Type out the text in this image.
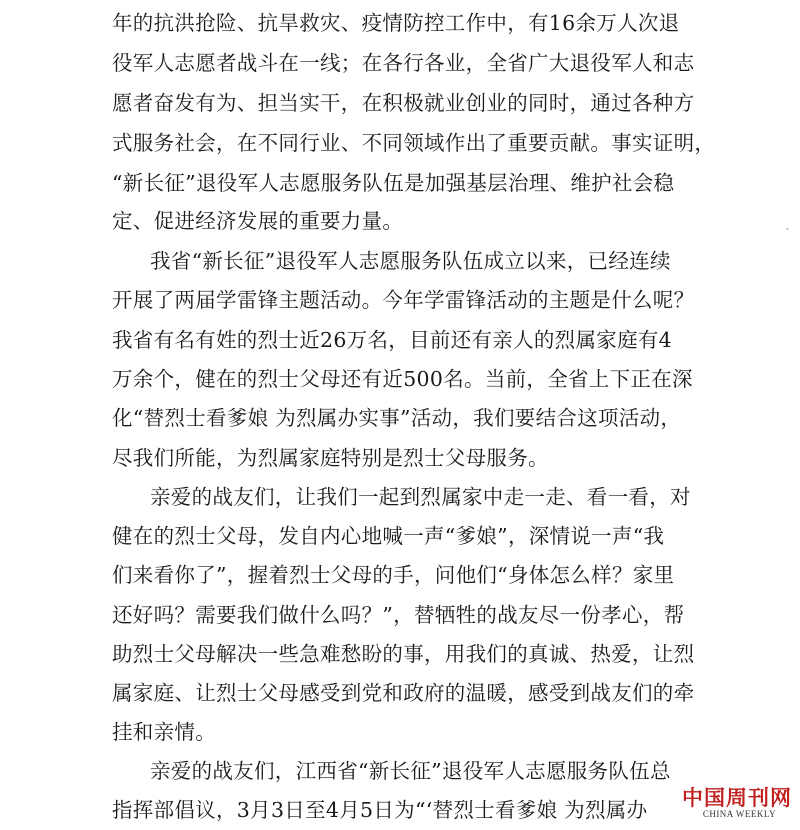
年的抗洪抢险、抗旱救灾、疫情防控工作中，有16余万人次退
役军人志愿者战斗在一线；在各行各业，全省广大退役军人和志
愿者奋发有为、担当实干，在积极就业创业的同时，通过各种方
式服务社会，在不同行业、不同领域作出了重要贡献。事实证明，
“新长征”退役军人志愿服务队伍是加强基层治理、维护社会稳
定、促进经济发展的重要力量。
我省“新长征”退役军人志愿服务队伍成立以来，已经连续
开展了两届学雷锋主题活动。今年学雷锋活动的主题是什么呢？
我省有名有姓的烈士近26万名，目前还有亲人的烈属家庭有4
万余个，健在的烈士父母还有近500名。当前，全省上下正在深
化“替烈士看爹娘 为烈属办实事”活动，我们要结合这项活动，
尽我们所能，为烈属家庭特别是烈士父母服务。
亲爱的战友们，让我们一起到烈属家中走一走、看一看，对
健在的烈士父母，发自内心地喊一声“爹娘”，深情说一声“我
们来看你了”，握着烈士父母的手，问他们“身体怎么样？家里
还好吗？需要我们做什么吗？”，替牺牲的战友尽一份孝心，帮
助烈士父母解决一些急难愁盼的事，用我们的真诚、热爱，让烈
属家庭、让烈士父母感受到党和政府的温暖，感受到战友们的牵
挂和亲情。
亲爱的战友们，江西省“新长征”退役军人志愿服务队伍总
指挥部倡议，3月3日至4月5日为“‘替烈士看爹娘 为烈属办	中国周刊网
CHINA WEEKLY
